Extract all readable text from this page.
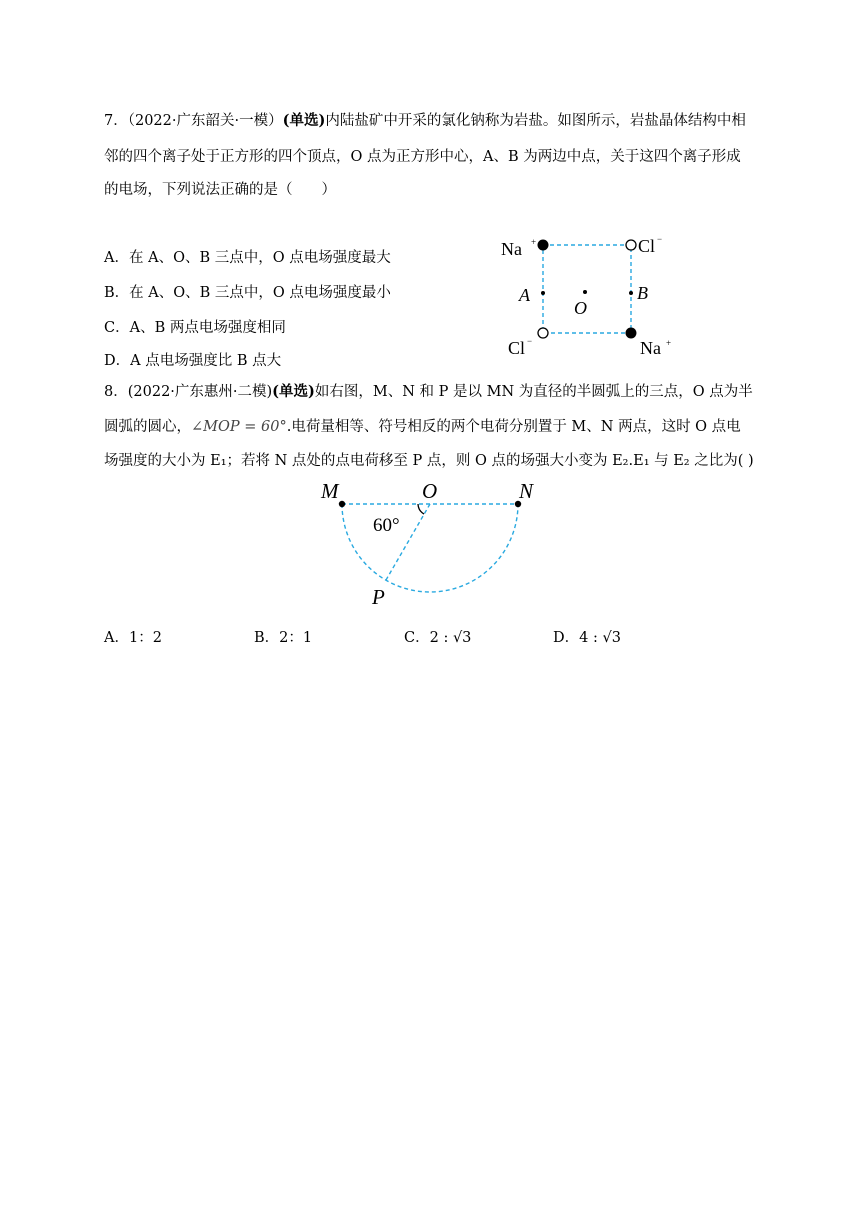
7．（2022·广东韶关·一模）(单选)内陆盐矿中开采的氯化钠称为岩盐。如图所示，岩盐晶体结构中相
邻的四个离子处于正方形的四个顶点，O 点为正方形中心，A、B 为两边中点，关于这四个离子形成
的电场，下列说法正确的是（　　）
A．在 A、O、B 三点中，O 点电场强度最大
B．在 A、O、B 三点中，O 点电场强度最小
C．A、B 两点电场强度相同
D．A 点电场强度比 B 点大
Na +	Cl −
Cl −	Na +
A
O
B
8．(2022·广东惠州·二模)(单选)如右图，M、N 和 P 是以 MN 为直径的半圆弧上的三点，O 点为半
圆弧的圆心，∠MOP = 60°.电荷量相等、符号相反的两个电荷分别置于 M、N 两点，这时 O 点电
场强度的大小为 E₁；若将 N 点处的点电荷移至 P 点，则 O 点的场强大小变为 E₂.E₁ 与 E₂ 之比为( )
M	O	N
P
60°
A．1：2	B．2：1	C．2 : √3	D．4 : √3
